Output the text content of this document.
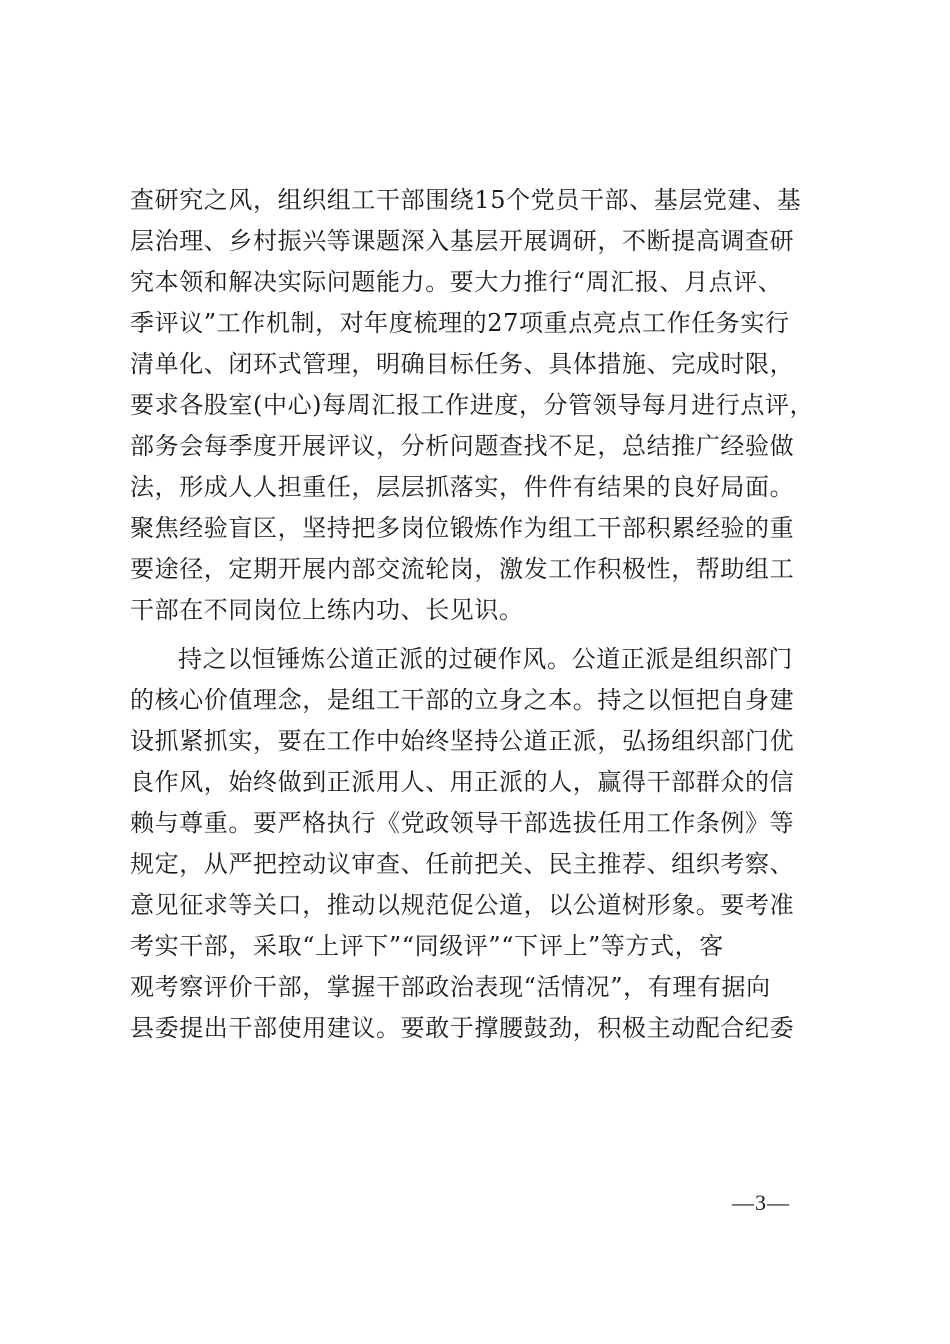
查研究之风，组织组工干部围绕15个党员干部、基层党建、基
层治理、乡村振兴等课题深入基层开展调研，不断提高调查研
究本领和解决实际问题能力。要大力推行“周汇报、月点评、
季评议”工作机制，对年度梳理的27项重点亮点工作任务实行
清单化、闭环式管理，明确目标任务、具体措施、完成时限，
要求各股室(中心)每周汇报工作进度，分管领导每月进行点评，
部务会每季度开展评议，分析问题查找不足，总结推广经验做
法，形成人人担重任，层层抓落实，件件有结果的良好局面。
聚焦经验盲区，坚持把多岗位锻炼作为组工干部积累经验的重
要途径，定期开展内部交流轮岗，激发工作积极性，帮助组工
干部在不同岗位上练内功、长见识。
持之以恒锤炼公道正派的过硬作风。公道正派是组织部门
的核心价值理念，是组工干部的立身之本。持之以恒把自身建
设抓紧抓实，要在工作中始终坚持公道正派，弘扬组织部门优
良作风，始终做到正派用人、用正派的人，赢得干部群众的信
赖与尊重。要严格执行《党政领导干部选拔任用工作条例》等
规定，从严把控动议审查、任前把关、民主推荐、组织考察、
意见征求等关口，推动以规范促公道，以公道树形象。要考准
考实干部，采取“上评下”“同级评”“下评上”等方式，客
观考察评价干部，掌握干部政治表现“活情况”，有理有据向
县委提出干部使用建议。要敢于撑腰鼓劲，积极主动配合纪委
—3—
